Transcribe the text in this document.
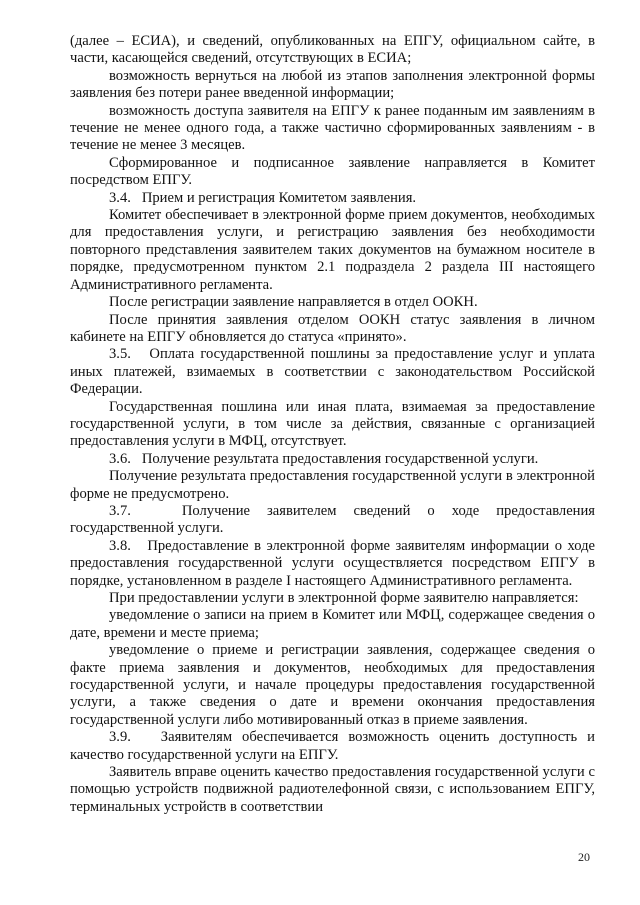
(далее – ЕСИА), и сведений, опубликованных на ЕПГУ, официальном сайте, в части, касающейся сведений, отсутствующих в ЕСИА;

возможность вернуться на любой из этапов заполнения электронной формы заявления без потери ранее введенной информации;

возможность доступа заявителя на ЕПГУ к ранее поданным им заявлениям в течение не менее одного года, а также частично сформированных заявлениям - в течение не менее 3 месяцев.

Сформированное и подписанное заявление направляется в Комитет посредством ЕПГУ.

3.4.   Прием и регистрация Комитетом заявления.

Комитет обеспечивает в электронной форме прием документов, необходимых для предоставления услуги, и регистрацию заявления без необходимости повторного представления заявителем таких документов на бумажном носителе в порядке, предусмотренном пунктом 2.1 подраздела 2 раздела III настоящего Административного регламента.

После регистрации заявление направляется в отдел ООКН.

После принятия заявления отделом ООКН статус заявления в личном кабинете на ЕПГУ обновляется до статуса «принято».

3.5.   Оплата государственной пошлины за предоставление услуг и уплата иных платежей, взимаемых в соответствии с законодательством Российской Федерации.

Государственная пошлина или иная плата, взимаемая за предоставление государственной услуги, в том числе за действия, связанные с организацией предоставления услуги в МФЦ, отсутствует.

3.6.   Получение результата предоставления государственной услуги.

Получение результата предоставления государственной услуги в электронной форме не предусмотрено.

3.7.   Получение заявителем сведений о ходе предоставления государственной услуги.

3.8.   Предоставление в электронной форме заявителям информации о ходе предоставления государственной услуги осуществляется посредством ЕПГУ в порядке, установленном в разделе I настоящего Административного регламента.

При предоставлении услуги в электронной форме заявителю направляется:

уведомление о записи на прием в Комитет или МФЦ, содержащее сведения о дате, времени и месте приема;

уведомление о приеме и регистрации заявления, содержащее сведения о факте приема заявления и документов, необходимых для предоставления государственной услуги, и начале процедуры предоставления государственной услуги, а также сведения о дате и времени окончания предоставления государственной услуги либо мотивированный отказ в приеме заявления.

3.9.   Заявителям обеспечивается возможность оценить доступность и качество государственной услуги на ЕПГУ.

Заявитель вправе оценить качество предоставления государственной услуги с помощью устройств подвижной радиотелефонной связи, с использованием ЕПГУ, терминальных устройств в соответствии

20
